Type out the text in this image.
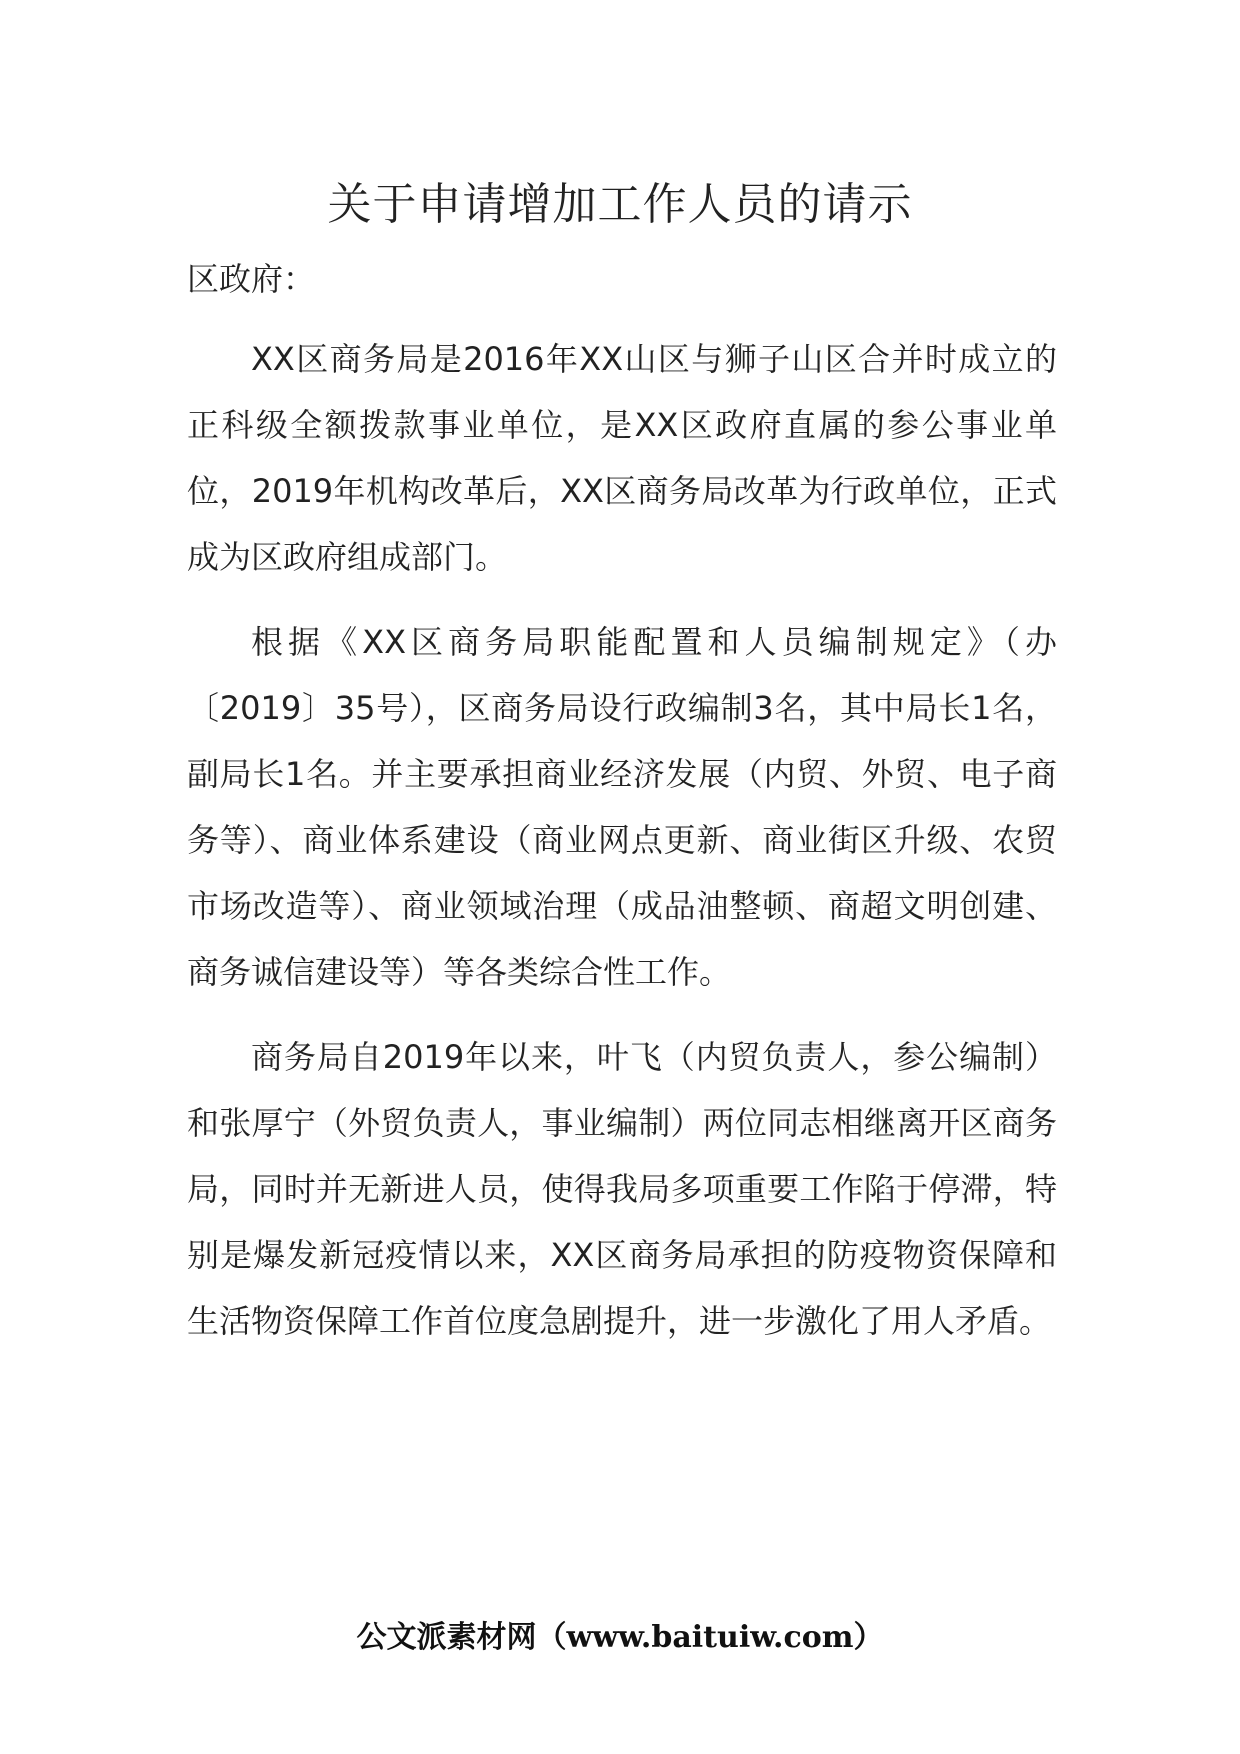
关于申请增加工作人员的请示

区政府：

XX区商务局是2016年XX山区与狮子山区合并时成立的正科级全额拨款事业单位，是XX区政府直属的参公事业单位，2019年机构改革后，XX区商务局改革为行政单位，正式成为区政府组成部门。

根据《XX区商务局职能配置和人员编制规定》（办〔2019〕35号），区商务局设行政编制3名，其中局长1名，副局长1名。并主要承担商业经济发展（内贸、外贸、电子商务等）、商业体系建设（商业网点更新、商业街区升级、农贸市场改造等）、商业领域治理（成品油整顿、商超文明创建、商务诚信建设等）等各类综合性工作。

商务局自2019年以来，叶飞（内贸负责人，参公编制）和张厚宁（外贸负责人，事业编制）两位同志相继离开区商务局，同时并无新进人员，使得我局多项重要工作陷于停滞，特别是爆发新冠疫情以来，XX区商务局承担的防疫物资保障和生活物资保障工作首位度急剧提升，进一步激化了用人矛盾。

公文派素材网（www.baituiw.com）
